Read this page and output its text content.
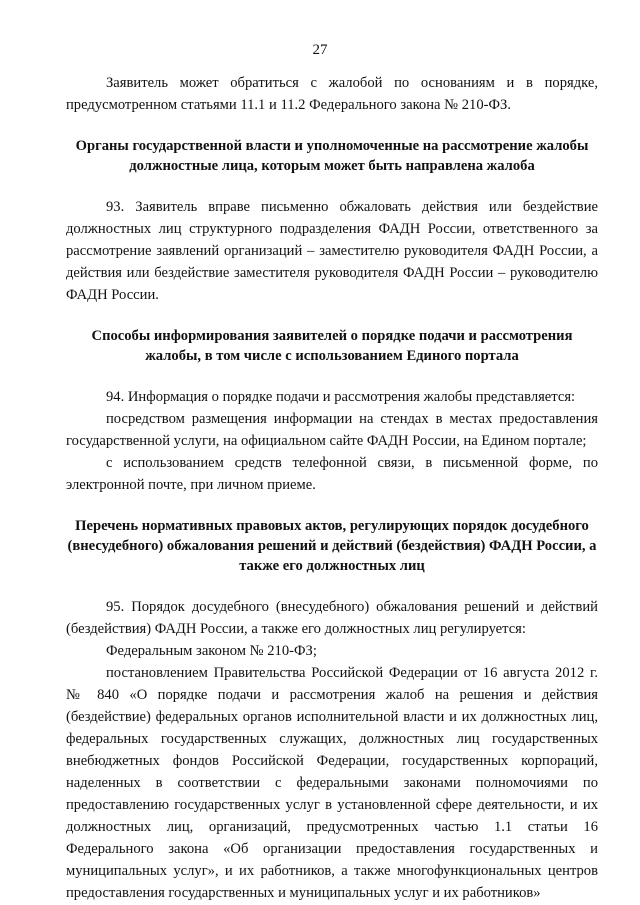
27

Заявитель может обратиться с жалобой по основаниям и в порядке, предусмотренном статьями 11.1 и 11.2 Федерального закона № 210-ФЗ.

Органы государственной власти и уполномоченные на рассмотрение жалобы должностные лица, которым может быть направлена жалоба

93. Заявитель вправе письменно обжаловать действия или бездействие должностных лиц структурного подразделения ФАДН России, ответственного за рассмотрение заявлений организаций – заместителю руководителя ФАДН России, а действия или бездействие заместителя руководителя ФАДН России – руководителю ФАДН России.

Способы информирования заявителей о порядке подачи и рассмотрения жалобы, в том числе с использованием Единого портала

94. Информация о порядке подачи и рассмотрения жалобы представляется:

посредством размещения информации на стендах в местах предоставления государственной услуги, на официальном сайте ФАДН России, на Едином портале;

с использованием средств телефонной связи, в письменной форме, по электронной почте, при личном приеме.

Перечень нормативных правовых актов, регулирующих порядок досудебного (внесудебного) обжалования решений и действий (бездействия) ФАДН России, а также его должностных лиц

95. Порядок досудебного (внесудебного) обжалования решений и действий (бездействия) ФАДН России, а также его должностных лиц регулируется:

Федеральным законом № 210-ФЗ;

постановлением Правительства Российской Федерации от 16 августа 2012 г. № 840 «О порядке подачи и рассмотрения жалоб на решения и действия (бездействие) федеральных органов исполнительной власти и их должностных лиц, федеральных государственных служащих, должностных лиц государственных внебюджетных фондов Российской Федерации, государственных корпораций, наделенных в соответствии с федеральными законами полномочиями по предоставлению государственных услуг в установленной сфере деятельности, и их должностных лиц, организаций, предусмотренных частью 1.1 статьи 16 Федерального закона «Об организации предоставления государственных и муниципальных услуг», и их работников, а также многофункциональных центров предоставления государственных и муниципальных услуг и их работников»
